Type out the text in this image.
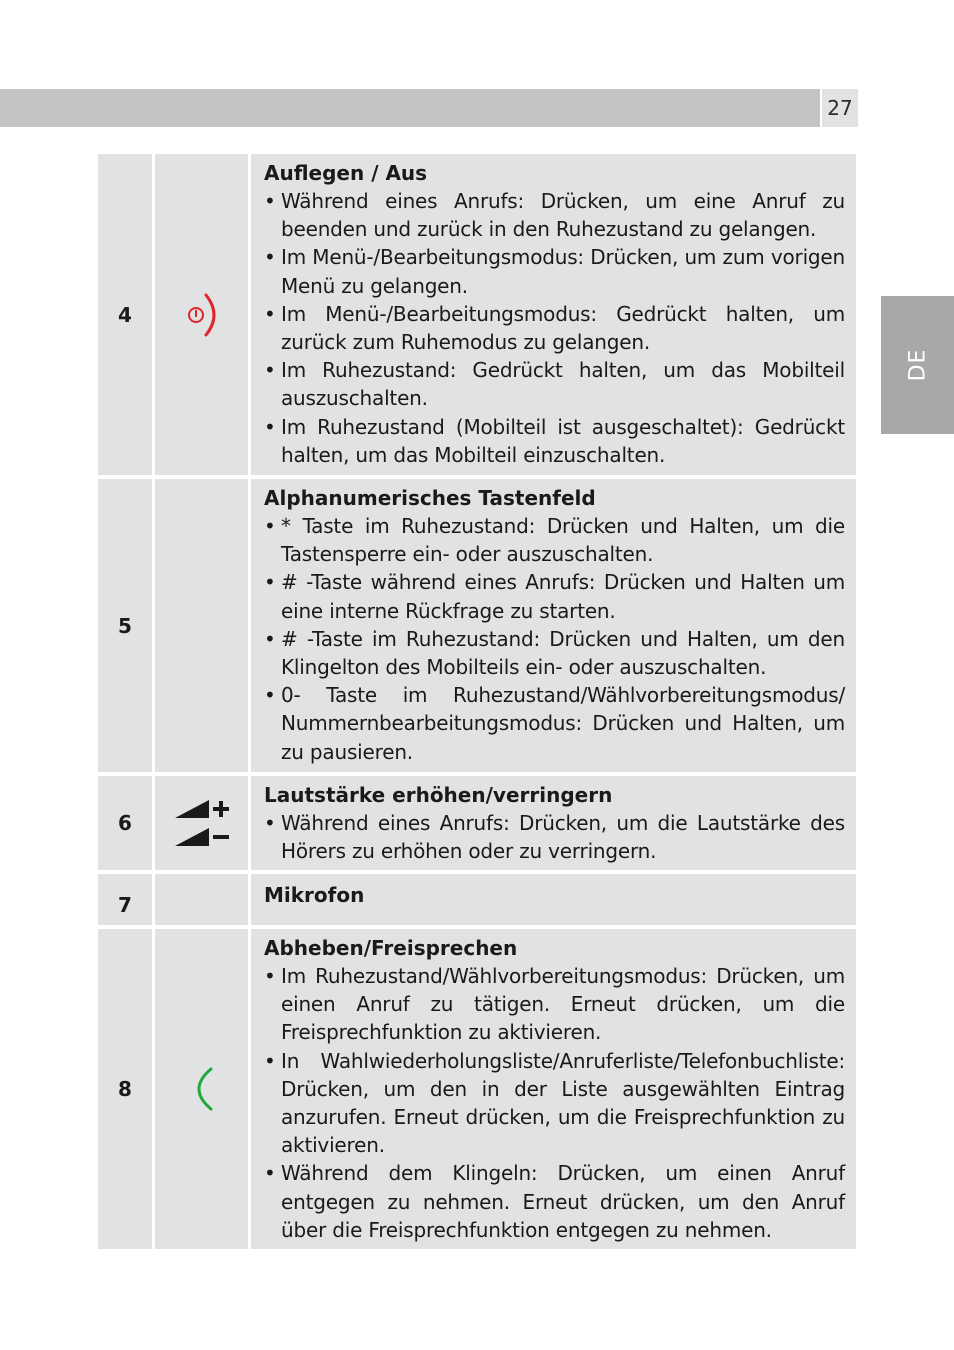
27
DE
4
Auflegen / Aus
• Während eines Anrufs: Drücken, um eine Anruf zu beenden und zurück in den Ruhezustand zu gelangen.
• Im Menü-/Bearbeitungsmodus: Drücken, um zum vorigen Menü zu gelangen.
• Im Menü-/Bearbeitungsmodus: Gedrückt halten, um zurück zum Ruhemodus zu gelangen.
• Im Ruhezustand: Gedrückt halten, um das Mobilteil auszuschalten.
• Im Ruhezustand (Mobilteil ist ausgeschaltet): Gedrückt halten, um das Mobilteil einzuschalten.
5
Alphanumerisches Tastenfeld
• * Taste im Ruhezustand: Drücken und Halten, um die Tastensperre ein- oder auszuschalten.
• # -Taste während eines Anrufs: Drücken und Halten um eine interne Rückfrage zu starten.
• # -Taste im Ruhezustand: Drücken und Halten, um den Klingelton des Mobilteils ein- oder auszuschalten.
• 0- Taste im Ruhezustand/Wählvorbereitungsmodus/ Nummernbearbeitungsmodus: Drücken und Halten, um zu pausieren.
6
Lautstärke erhöhen/verringern
• Während eines Anrufs: Drücken, um die Lautstärke des Hörers zu erhöhen oder zu verringern.
7	Mikrofon
8
Abheben/Freisprechen
• Im Ruhezustand/Wählvorbereitungsmodus: Drücken, um einen Anruf zu tätigen. Erneut drücken, um die Freisprechfunktion zu aktivieren.
• In Wahlwiederholungsliste/Anruferliste/Telefonbuchliste: Drücken, um den in der Liste ausgewählten Eintrag anzurufen. Erneut drücken, um die Freisprechfunktion zu aktivieren.
• Während dem Klingeln: Drücken, um einen Anruf entgegen zu nehmen. Erneut drücken, um den Anruf über die Freisprechfunktion entgegen zu nehmen.
